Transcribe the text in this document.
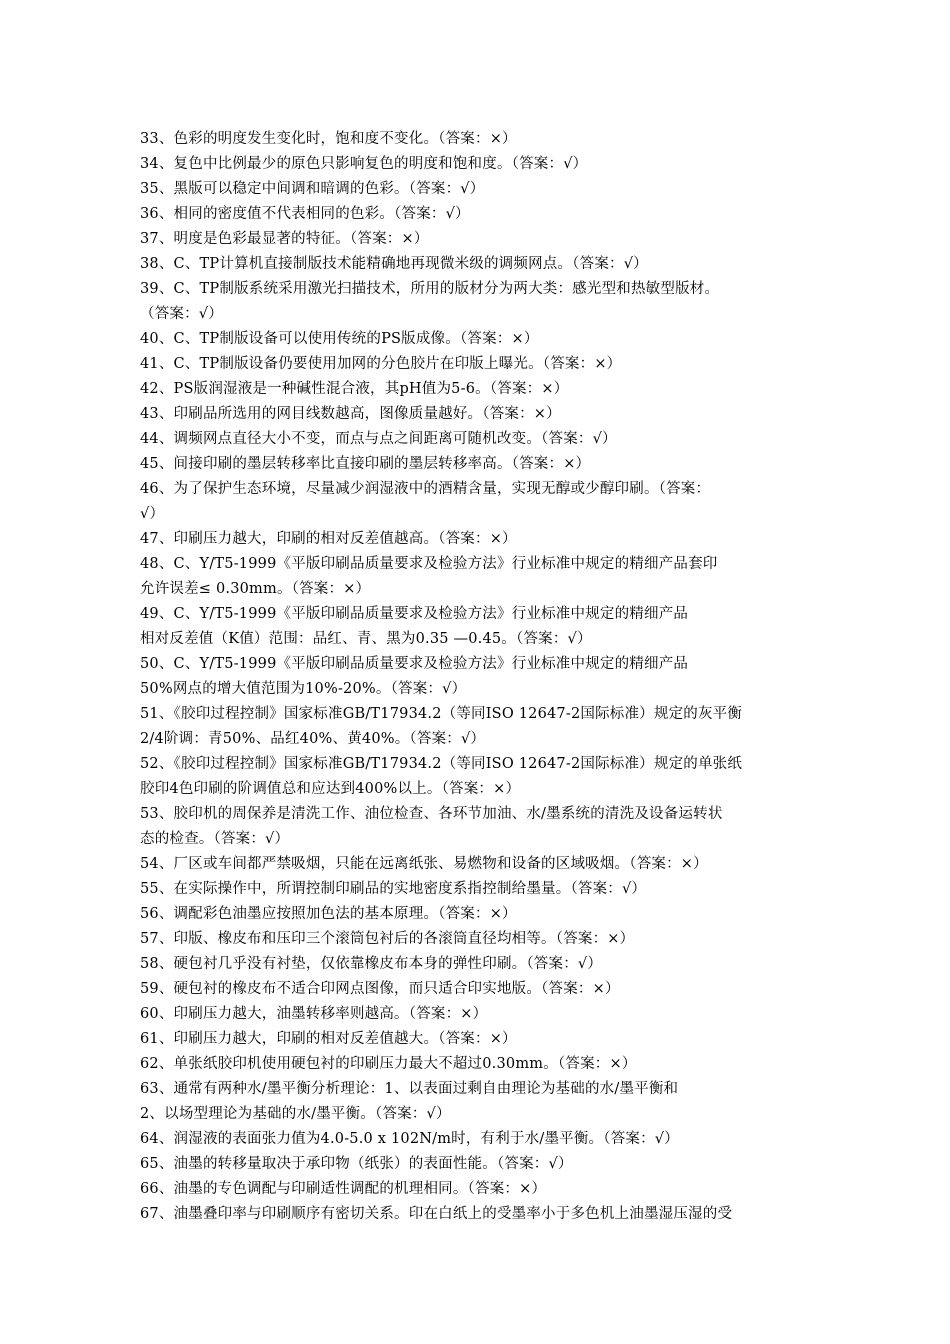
33、色彩的明度发生变化时，饱和度不变化。（答案：×）
34、复色中比例最少的原色只影响复色的明度和饱和度。（答案：√）
35、黑版可以稳定中间调和暗调的色彩。（答案：√）
36、相同的密度值不代表相同的色彩。（答案：√）
37、明度是色彩最显著的特征。（答案：×）
38、C、TP计算机直接制版技术能精确地再现微米级的调频网点。（答案：√）
39、C、TP制版系统采用激光扫描技术，所用的版材分为两大类：感光型和热敏型版材。
（答案：√）
40、C、TP制版设备可以使用传统的PS版成像。（答案：×）
41、C、TP制版设备仍要使用加网的分色胶片在印版上曝光。（答案：×）
42、PS版润湿液是一种碱性混合液，其pH值为5-6。（答案：×）
43、印刷品所选用的网目线数越高，图像质量越好。（答案：×）
44、调频网点直径大小不变，而点与点之间距离可随机改变。（答案：√）
45、间接印刷的墨层转移率比直接印刷的墨层转移率高。（答案：×）
46、为了保护生态环境，尽量减少润湿液中的酒精含量，实现无醇或少醇印刷。（答案：
√）
47、印刷压力越大，印刷的相对反差值越高。（答案：×）
48、C、Y/T5-1999《平版印刷品质量要求及检验方法》行业标准中规定的精细产品套印
允许误差≤ 0.30mm。（答案：×）
49、C、Y/T5-1999《平版印刷品质量要求及检验方法》行业标准中规定的精细产品
相对反差值（K值）范围：品红、青、黑为0.35 —0.45。（答案：√）
50、C、Y/T5-1999《平版印刷品质量要求及检验方法》行业标准中规定的精细产品
50%网点的增大值范围为10%-20%。（答案：√）
51、《胶印过程控制》国家标准GB/T17934.2（等同ISO 12647-2国际标准）规定的灰平衡
2/4阶调：青50%、品红40%、黄40%。（答案：√）
52、《胶印过程控制》国家标准GB/T17934.2（等同ISO 12647-2国际标准）规定的单张纸
胶印4色印刷的阶调值总和应达到400%以上。（答案：×）
53、胶印机的周保养是清洗工作、油位检查、各环节加油、水/墨系统的清洗及设备运转状
态的检查。（答案：√）
54、厂区或车间都严禁吸烟，只能在远离纸张、易燃物和设备的区域吸烟。（答案：×）
55、在实际操作中，所谓控制印刷品的实地密度系指控制给墨量。（答案：√）
56、调配彩色油墨应按照加色法的基本原理。（答案：×）
57、印版、橡皮布和压印三个滚筒包衬后的各滚筒直径均相等。（答案：×）
58、硬包衬几乎没有衬垫，仅依靠橡皮布本身的弹性印刷。（答案：√）
59、硬包衬的橡皮布不适合印网点图像，而只适合印实地版。（答案：×）
60、印刷压力越大，油墨转移率则越高。（答案：×）
61、印刷压力越大，印刷的相对反差值越大。（答案：×）
62、单张纸胶印机使用硬包衬的印刷压力最大不超过0.30mm。（答案：×）
63、通常有两种水/墨平衡分析理论：1、以表面过剩自由理论为基础的水/墨平衡和
2、以场型理论为基础的水/墨平衡。（答案：√）
64、润湿液的表面张力值为4.0-5.0 x 102N/m时，有利于水/墨平衡。（答案：√）
65、油墨的转移量取决于承印物（纸张）的表面性能。（答案：√）
66、油墨的专色调配与印刷适性调配的机理相同。（答案：×）
67、油墨叠印率与印刷顺序有密切关系。印在白纸上的受墨率小于多色机上油墨湿压湿的受
